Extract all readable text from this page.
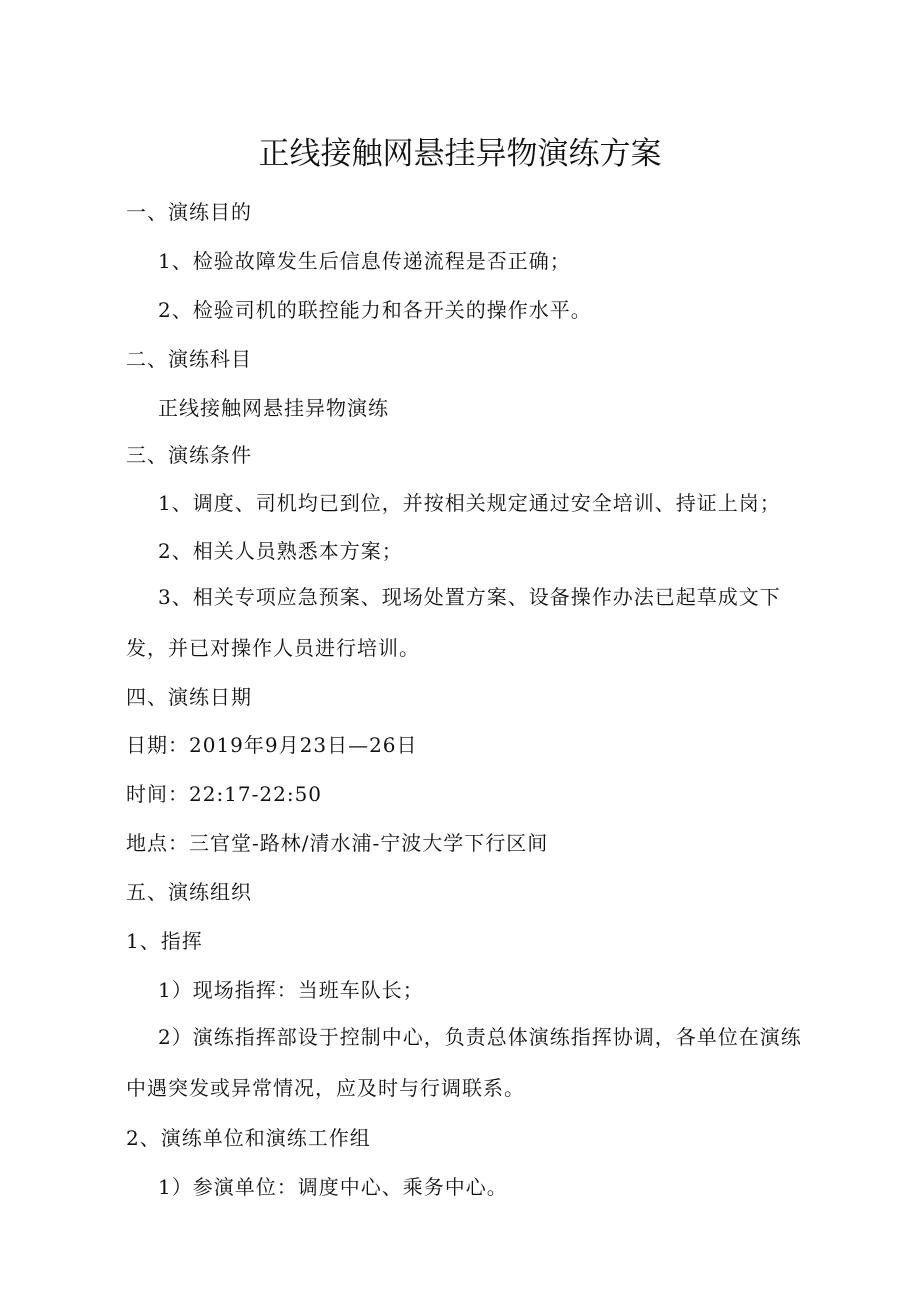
正线接触网悬挂异物演练方案
一、演练目的
1、检验故障发生后信息传递流程是否正确；
2、检验司机的联控能力和各开关的操作水平。
二、演练科目
正线接触网悬挂异物演练
三、演练条件
1、调度、司机均已到位，并按相关规定通过安全培训、持证上岗；
2、相关人员熟悉本方案；
3、相关专项应急预案、现场处置方案、设备操作办法已起草成文下发，并已对操作人员进行培训。
四、演练日期
日期：2019年9月23日—26日
时间：22:17-22:50
地点：三官堂-路林/清水浦-宁波大学下行区间
五、演练组织
1、指挥
1）现场指挥：当班车队长；
2）演练指挥部设于控制中心，负责总体演练指挥协调，各单位在演练中遇突发或异常情况，应及时与行调联系。
2、演练单位和演练工作组
1）参演单位：调度中心、乘务中心。
